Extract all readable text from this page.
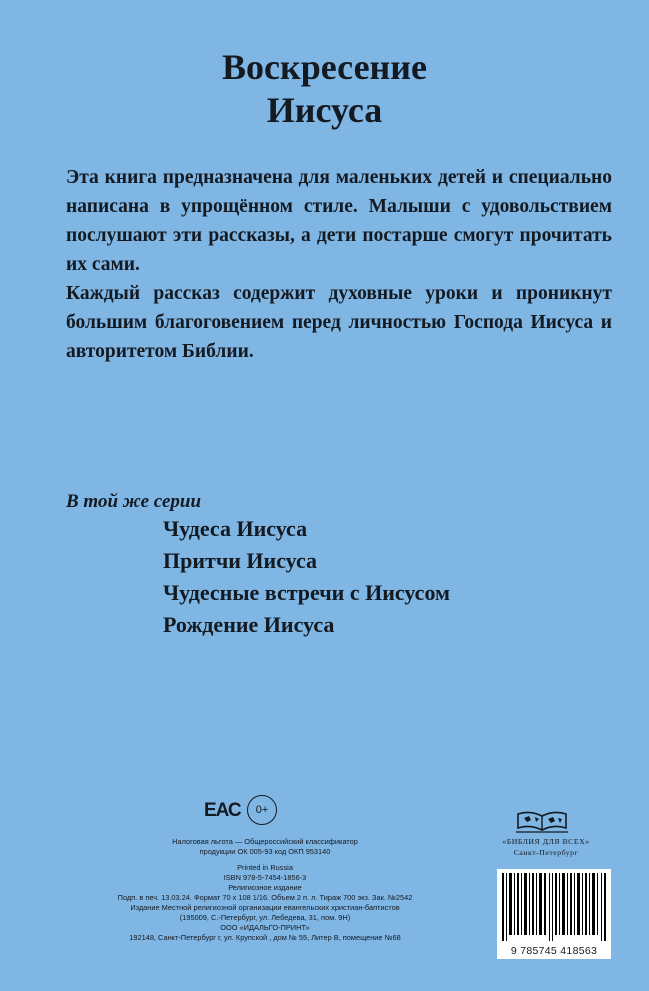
Воскресение
Иисуса

Эта книга предназначена для маленьких детей и специально написана в упрощённом стиле. Малыши с удовольствием послушают эти рассказы, а дети постарше смогут прочитать их сами.

Каждый рассказ содержит духовные уроки и проникнут большим благоговением перед личностью Господа Иисуса и авторитетом Библии.

В той же серии
Чудеса Иисуса
Притчи Иисуса
Чудесные встречи с Иисусом
Рождение Иисуса
ЕАС 0+
Налоговая льгота — Общероссийский классификатор
продукции ОК 005-93 код ОКП 953140
Printed in Russia
ISBN 978-5-7454-1856-3
Религиозное издание
Подп. в печ. 13.03.24. Формат 70 х 108 1/16. Объем 2 п. л. Тираж 700 экз. Зак. №2542
Издание Местной религиозной организации евангельских христиан-баптистов
(195009, С.-Петербург, ул. Лебедева, 31, пом. 9Н)
ООО «ИДАЛЬГО-ПРИНТ»
192148, Санкт-Петербург г, ул. Крупской , дом № 55, Литер В, помещение №68
«БИБЛИЯ ДЛЯ ВСЕХ»
Санкт-Петербург
9 785745 418563
